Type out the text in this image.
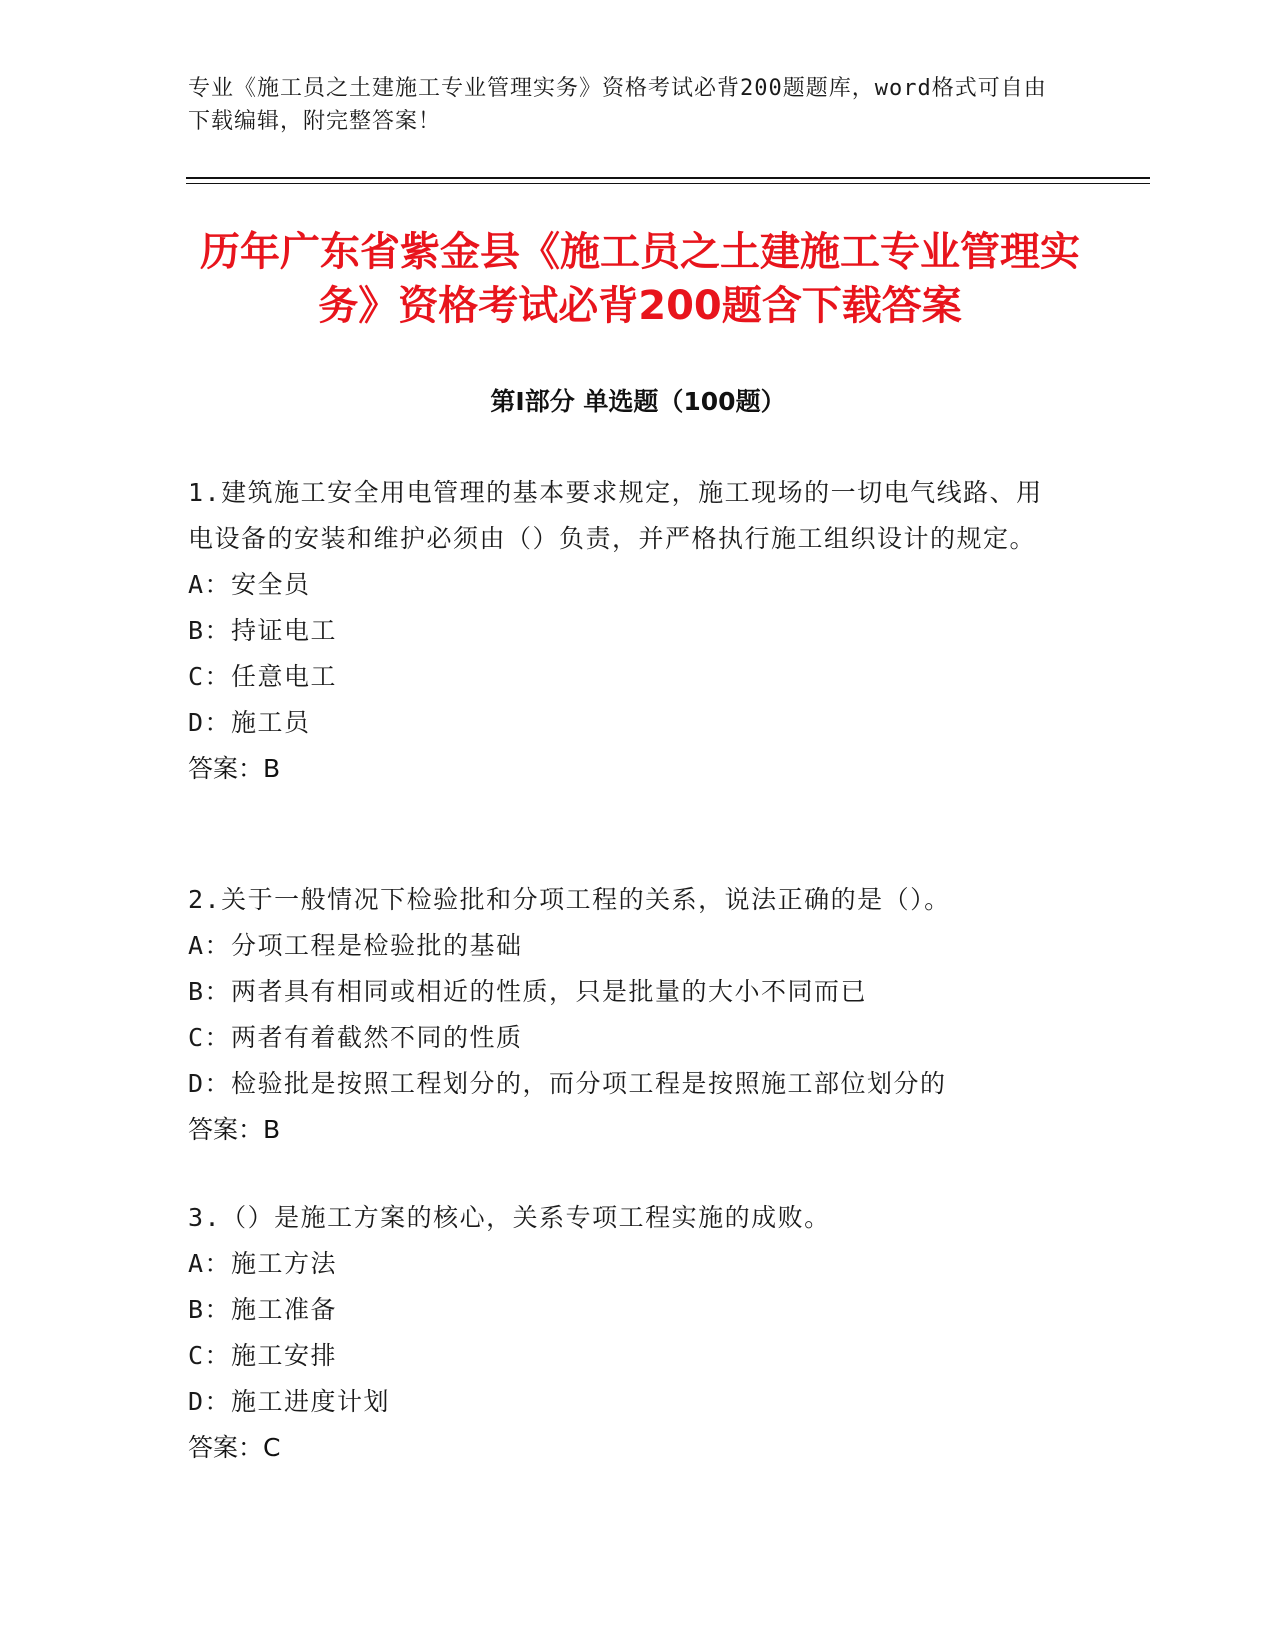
专业《施工员之土建施工专业管理实务》资格考试必背200题题库，word格式可自由下载编辑，附完整答案！
历年广东省紫金县《施工员之土建施工专业管理实务》资格考试必背200题含下载答案
第Ⅰ部分 单选题（100题）

1.建筑施工安全用电管理的基本要求规定，施工现场的一切电气线路、用电设备的安装和维护必须由（）负责，并严格执行施工组织设计的规定。

A：安全员

B：持证电工

C：任意电工

D：施工员

答案：B

2.关于一般情况下检验批和分项工程的关系，说法正确的是（）。

A：分项工程是检验批的基础

B：两者具有相同或相近的性质，只是批量的大小不同而已

C：两者有着截然不同的性质

D：检验批是按照工程划分的，而分项工程是按照施工部位划分的

答案：B

3.（）是施工方案的核心，关系专项工程实施的成败。

A：施工方法

B：施工准备

C：施工安排

D：施工进度计划

答案：C
